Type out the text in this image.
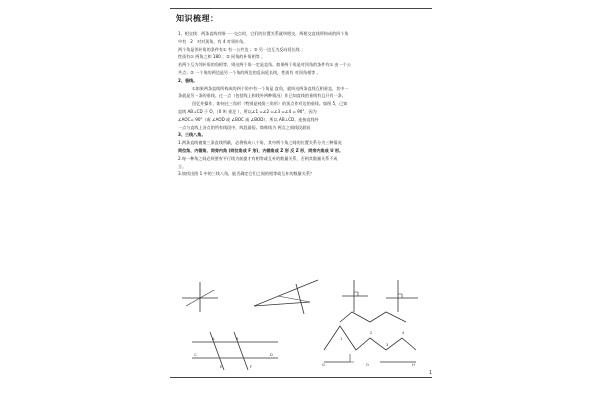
知识梳理：
1、相交线：两条直线有唯一一交点时，它们的位置关系就叫相交，两相交直线所构成的四个角
中有　2　对对顶角，有 4 对邻补角。
两个角是邻补角的条件有① 有一公共边 ；② 另一边互为反向延长线 ；
性质有① 两角之和 180 ；② 同角的补角相等 。
若两个互为邻补角的角相等，则这两个角一定是直角。如果两个角是对顶角的条件有① 由一个公
共点；② 一个角的两边是另一个角的两边的反向延长线，性质有 对顶角相等 。
2、垂线。
①如果两条直线所构成的四个角中有一个角是 直角，就叫这两条直线互相垂直，其中一
条就是另一条的垂线。过一点（包括线上和线外两种情况）作已知直线的垂线有且只有一条。
回忆并操作，如何过三角形（特别是钝角三角形）的顶点作对边的垂线。如图 5，已知
直线 AB⊥CD 于 O，（0 叫 垂足 ），所以∠1 =∠2 =∠3 =∠4 = 90°，因为
∠AOC= 90°（或 ∠AOD 或 ∠BOC 或 ∠BOD），所以 AB⊥CD。连接直线外
一点与直线上各点的所有线段中，线段最短。简称线为 两点之间线段最短
3、三线八角。
1.两条直线被第三条直线所截，必将构成八个角，其中两个角之间的位置关系分为三种情况
同位角、内错角、同旁内角 (同位角成 F 形)，内错角成 Z 形 反 Z 形，同旁内角成 U 形。
2.每一种角之间必须要有平行线为前提才有相等或互补的数量关系，否则其数量关系不成
立。
3.如找出图 1 中的三线八角，能否确定它们之间的相等或互补的数量关系？
A	B
C	D
E	F	G	H
O
1
2
3
4
1
